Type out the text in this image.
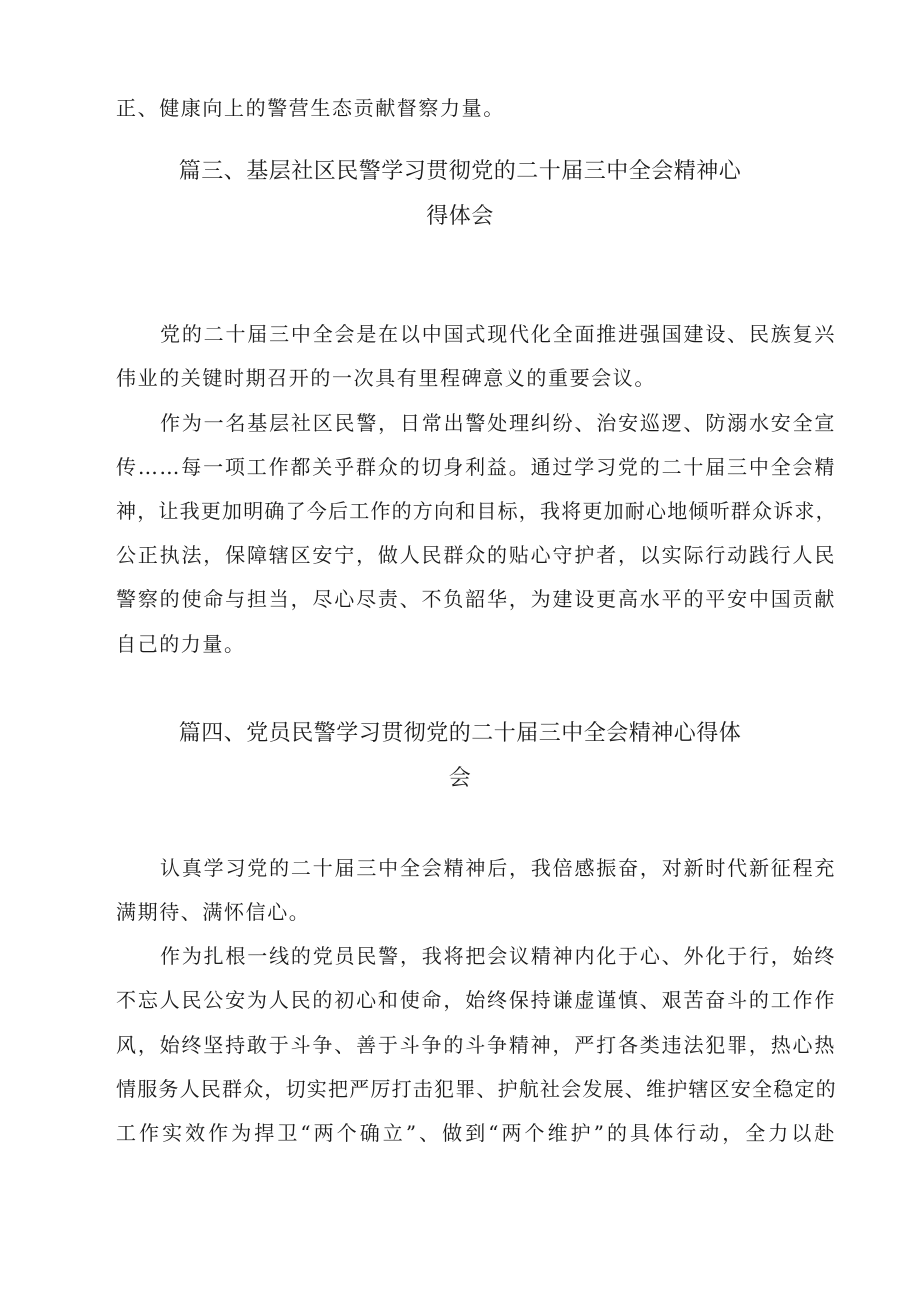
正、健康向上的警营生态贡献督察力量。
篇三、基层社区民警学习贯彻党的二十届三中全会精神心
得体会
党的二十届三中全会是在以中国式现代化全面推进强国建设、民族复兴
伟业的关键时期召开的一次具有里程碑意义的重要会议。
作为一名基层社区民警，日常出警处理纠纷、治安巡逻、防溺水安全宣
传……每一项工作都关乎群众的切身利益。通过学习党的二十届三中全会精
神，让我更加明确了今后工作的方向和目标，我将更加耐心地倾听群众诉求，
公正执法，保障辖区安宁，做人民群众的贴心守护者，以实际行动践行人民
警察的使命与担当，尽心尽责、不负韶华，为建设更高水平的平安中国贡献
自己的力量。
篇四、党员民警学习贯彻党的二十届三中全会精神心得体
会
认真学习党的二十届三中全会精神后，我倍感振奋，对新时代新征程充
满期待、满怀信心。
作为扎根一线的党员民警，我将把会议精神内化于心、外化于行，始终
不忘人民公安为人民的初心和使命，始终保持谦虚谨慎、艰苦奋斗的工作作
风，始终坚持敢于斗争、善于斗争的斗争精神，严打各类违法犯罪，热心热
情服务人民群众，切实把严厉打击犯罪、护航社会发展、维护辖区安全稳定的
工作实效作为捍卫“两个确立”、做到“两个维护”的具体行动，全力以赴
